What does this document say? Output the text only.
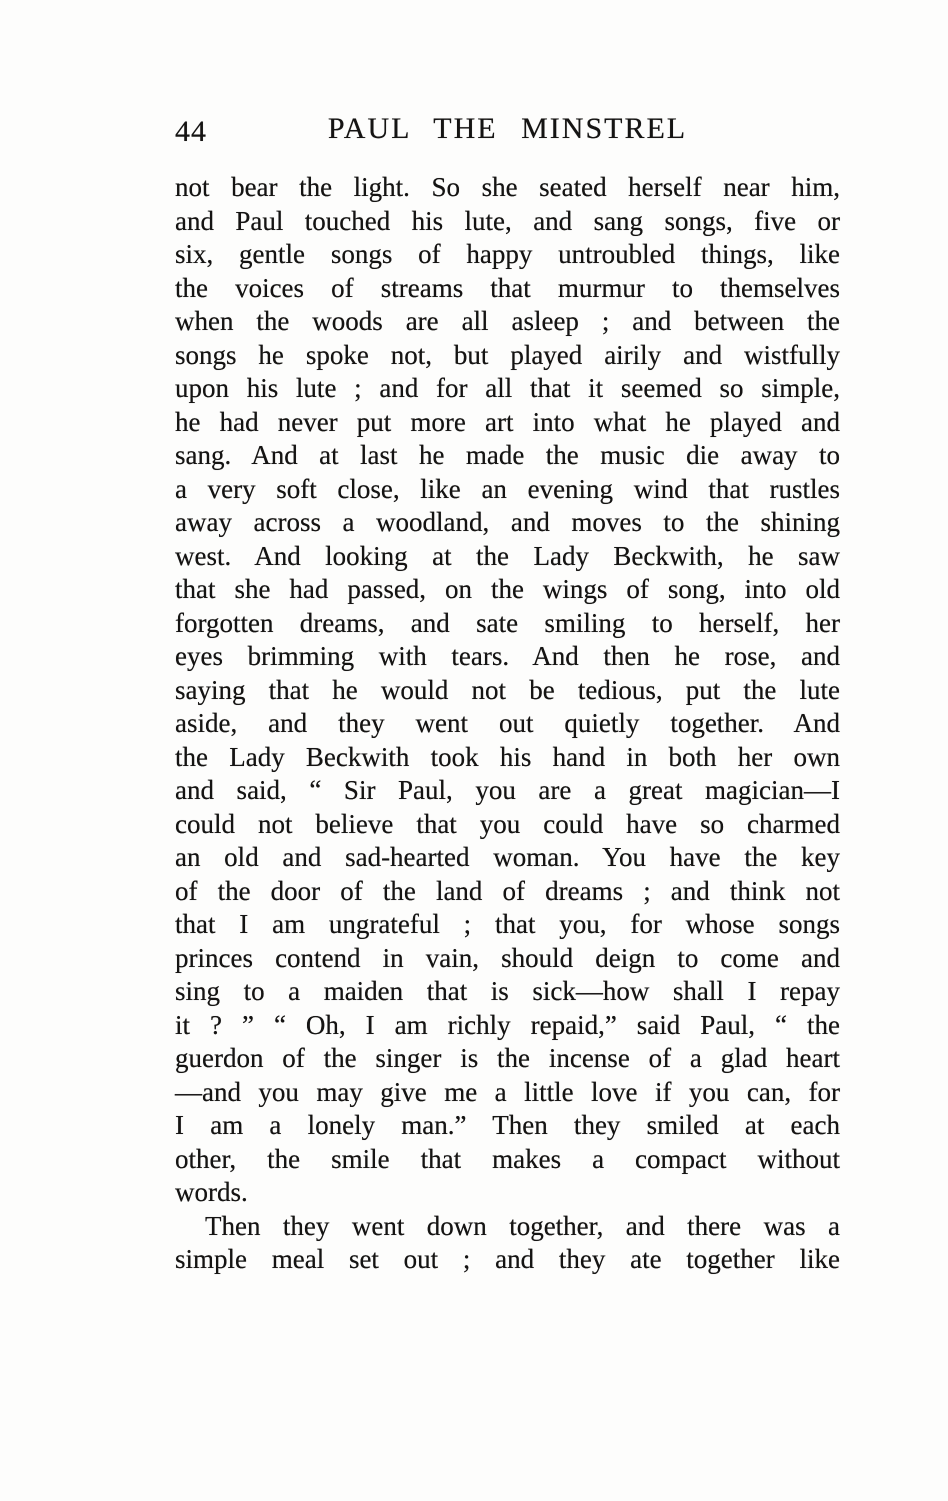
44	PAUL THE MINSTREL
not bear the light. So she seated herself near him,
and Paul touched his lute, and sang songs, five or
six, gentle songs of happy untroubled things, like
the voices of streams that murmur to themselves
when the woods are all asleep ; and between the
songs he spoke not, but played airily and wistfully
upon his lute ; and for all that it seemed so simple,
he had never put more art into what he played and
sang. And at last he made the music die away to
a very soft close, like an evening wind that rustles
away across a woodland, and moves to the shining
west. And looking at the Lady Beckwith, he saw
that she had passed, on the wings of song, into old
forgotten dreams, and sate smiling to herself, her
eyes brimming with tears. And then he rose, and
saying that he would not be tedious, put the lute
aside, and they went out quietly together. And
the Lady Beckwith took his hand in both her own
and said, “ Sir Paul, you are a great magician—I
could not believe that you could have so charmed
an old and sad-hearted woman. You have the key
of the door of the land of dreams ; and think not
that I am ungrateful ; that you, for whose songs
princes contend in vain, should deign to come and
sing to a maiden that is sick—how shall I repay
it ? ” “ Oh, I am richly repaid,” said Paul, “ the
guerdon of the singer is the incense of a glad heart
—and you may give me a little love if you can, for
I am a lonely man.” Then they smiled at each
other, the smile that makes a compact without
words.
Then they went down together, and there was a
simple meal set out ; and they ate together like
